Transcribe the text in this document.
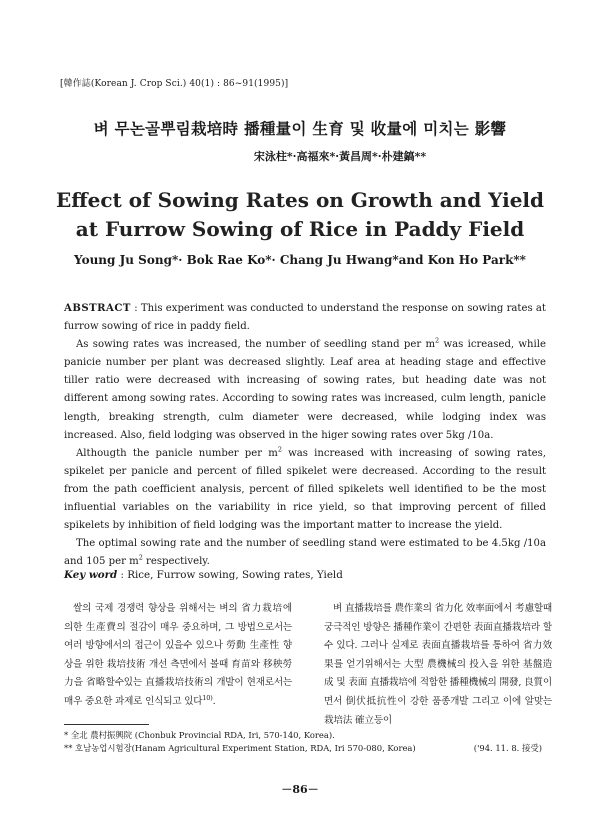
[韓作誌(Korean J. Crop Sci.) 40(1) : 86~91(1995)]
벼 무논골뿌림栽培時 播種量이 生育 및 收量에 미치는 影響
宋泳柱*·高福來*·黃昌周*·朴建鎬**
Effect of Sowing Rates on Growth and Yield
at Furrow Sowing of Rice in Paddy Field
Young Ju Song*· Bok Rae Ko*· Chang Ju Hwang*and Kon Ho Park**

ABSTRACT : This experiment was conducted to understand the response on sowing rates at furrow sowing of rice in paddy field.

As sowing rates was increased, the number of seedling stand per $m^2$ was icreased, while panicie number per plant was decreased slightly. Leaf area at heading stage and effective tiller ratio were decreased with increasing of sowing rates, but heading date was not different among sowing rates. According to sowing rates was increased, culm length, panicle length, breaking strength, culm diameter were decreased, while lodging index was increased. Also, field lodging was observed in the higer sowing rates over 5kg /10a.

Althougth the panicle number per $m^2$ was increased with increasing of sowing rates, spikelet per panicle and percent of filled spikelet were decreased. According to the result from the path coefficient analysis, percent of filled spikelets well identified to be the most influential variables on the variability in rice yield, so that improving percent of filled spikelets by inhibition of field lodging was the important matter to increase the yield.

The optimal sowing rate and the number of seedling stand were estimated to be 4.5kg /10a and 105 per $m^2$ respectively.

Key word : Rice, Furrow sowing, Sowing rates, Yield

쌀의 국제 경쟁력 향상을 위해서는 벼의 省力栽培에 의한 生產費의 절감이 매우 중요하며, 그 방법으로서는 여러 방향에서의 접근이 있을수 있으나 勞動 生產性 향상을 위한 栽培技術 개선 측면에서 볼때 育苗와 移秧勞力을 省略할수있는 直播栽培技術의 개발이 현재로서는 매우 중요한 과제로 인식되고 있다$^{10)}$.

벼 直播栽培를 農作業의 省力化 效率面에서 考慮할때 궁극적인 방향은 播種作業이 간편한 表面直播栽培라 할 수 있다. 그러나 실제로 表面直播栽培를 통하여 省力效果를 얻기위해서는 大型 農機械의 投入을 위한 基盤造成 및 表面 直播栽培에 적합한 播種機械의 開發, 良質이면서 倒伏抵抗性이 강한 품종개발 그리고 이에 알맞는 栽培法 確立등이

* 全北 農村振興院 (Chonbuk Provincial RDA, Iri, 570-140, Korea).
** 호남농업시험장(Hanam Agricultural Experiment Station, RDA, Iri 570-080, Korea)	('94. 11. 8. 接受)
－86－
